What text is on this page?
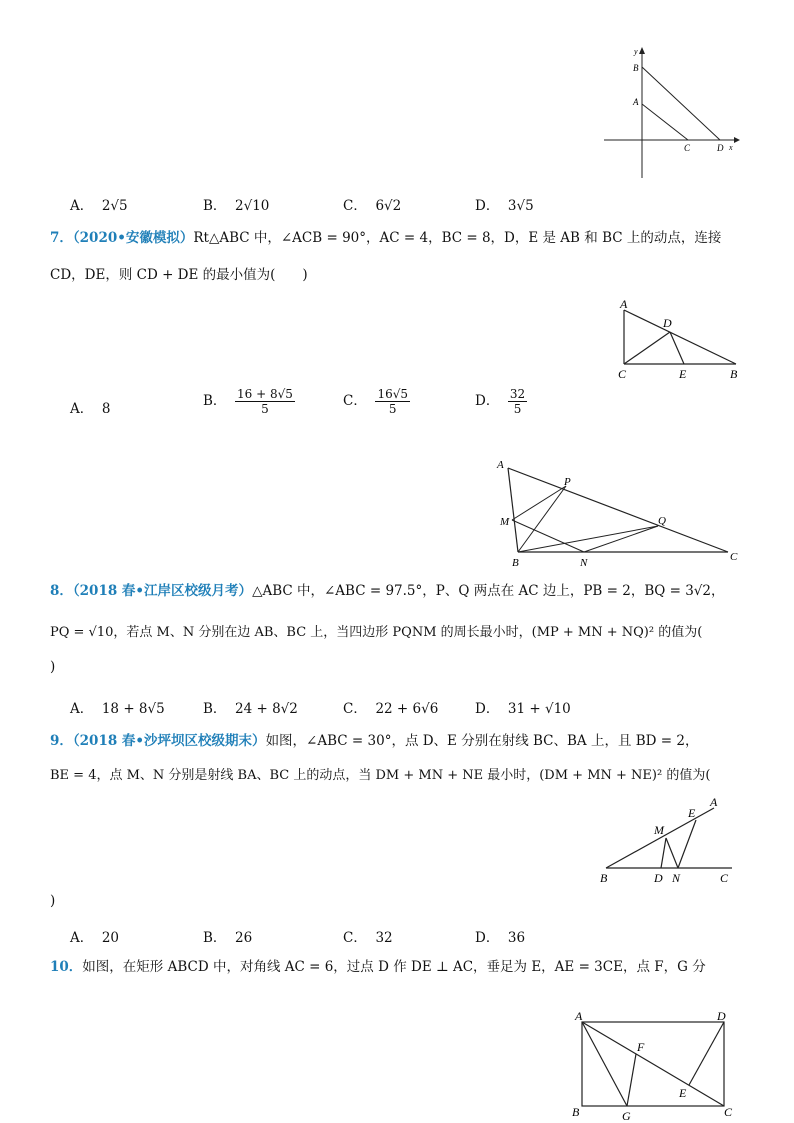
y
B
A
C	D x
A． 2√5	B． 2√10	C． 6√2	D． 3√5
7．（2020•安徽模拟）Rt△ABC 中，∠ACB = 90°，AC = 4，BC = 8，D，E 是 AB 和 BC 上的动点，连接
CD，DE，则 CD + DE 的最小值为(　　)
A
D
C	E	B
A． 8	B． $\frac{16 + 8√5}{5}$	C． $\frac{16√5}{5}$	D． $\frac{32}{5}$
A
P
M	Q
B	N	C
8．（2018 春•江岸区校级月考）△ABC 中，∠ABC = 97.5°，P、Q 两点在 AC 边上，PB = 2，BQ = 3√2，
PQ = √10，若点 M、N 分别在边 AB、BC 上，当四边形 PQNM 的周长最小时，(MP + MN + NQ)² 的值为(
)
A． 18 + 8√5	B． 24 + 8√2	C． 22 + 6√6	D． 31 + √10
9．（2018 春•沙坪坝区校级期末）如图，∠ABC = 30°，点 D、E 分别在射线 BC、BA 上，且 BD = 2，
BE = 4，点 M、N 分别是射线 BA、BC 上的动点，当 DM + MN + NE 最小时，(DM + MN + NE)² 的值为(
A
E
M
B	D N	C
)
A． 20	B． 26	C． 32	D． 36
10．如图，在矩形 ABCD 中，对角线 AC = 6，过点 D 作 DE ⊥ AC，垂足为 E，AE = 3CE，点 F，G 分
A	D
F
E
B	G	C
